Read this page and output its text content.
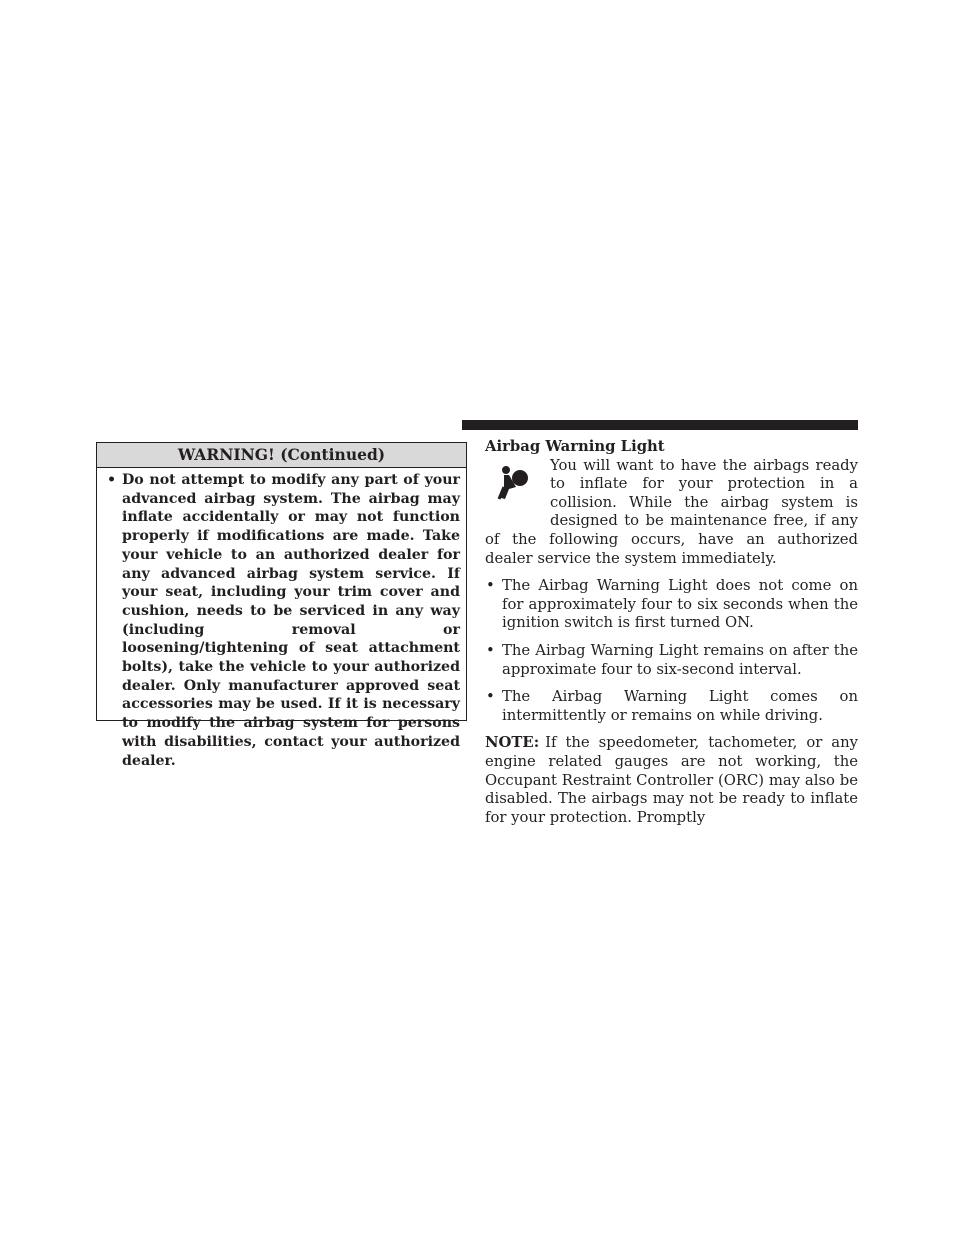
WARNING! (Continued)
• Do not attempt to modify any part of your advanced airbag system. The airbag may inflate accidentally or may not function properly if modifications are made. Take your vehicle to an authorized dealer for any advanced airbag system service. If your seat, including your trim cover and cushion, needs to be serviced in any way (including removal or loosening/tightening of seat attachment bolts), take the vehicle to your authorized dealer. Only manufacturer approved seat accessories may be used. If it is necessary to modify the airbag system for persons with disabilities, contact your authorized dealer.

Airbag Warning Light

You will want to have the airbags ready to inflate for your protection in a collision. While the airbag system is designed to be maintenance free, if any of the following occurs, have an authorized dealer service the system immediately.

• The Airbag Warning Light does not come on for approximately four to six seconds when the ignition switch is first turned ON.
• The Airbag Warning Light remains on after the approximate four to six-second interval.
• The Airbag Warning Light comes on intermittently or remains on while driving.

NOTE: If the speedometer, tachometer, or any engine related gauges are not working, the Occupant Restraint Controller (ORC) may also be disabled. The airbags may not be ready to inflate for your protection. Promptly
